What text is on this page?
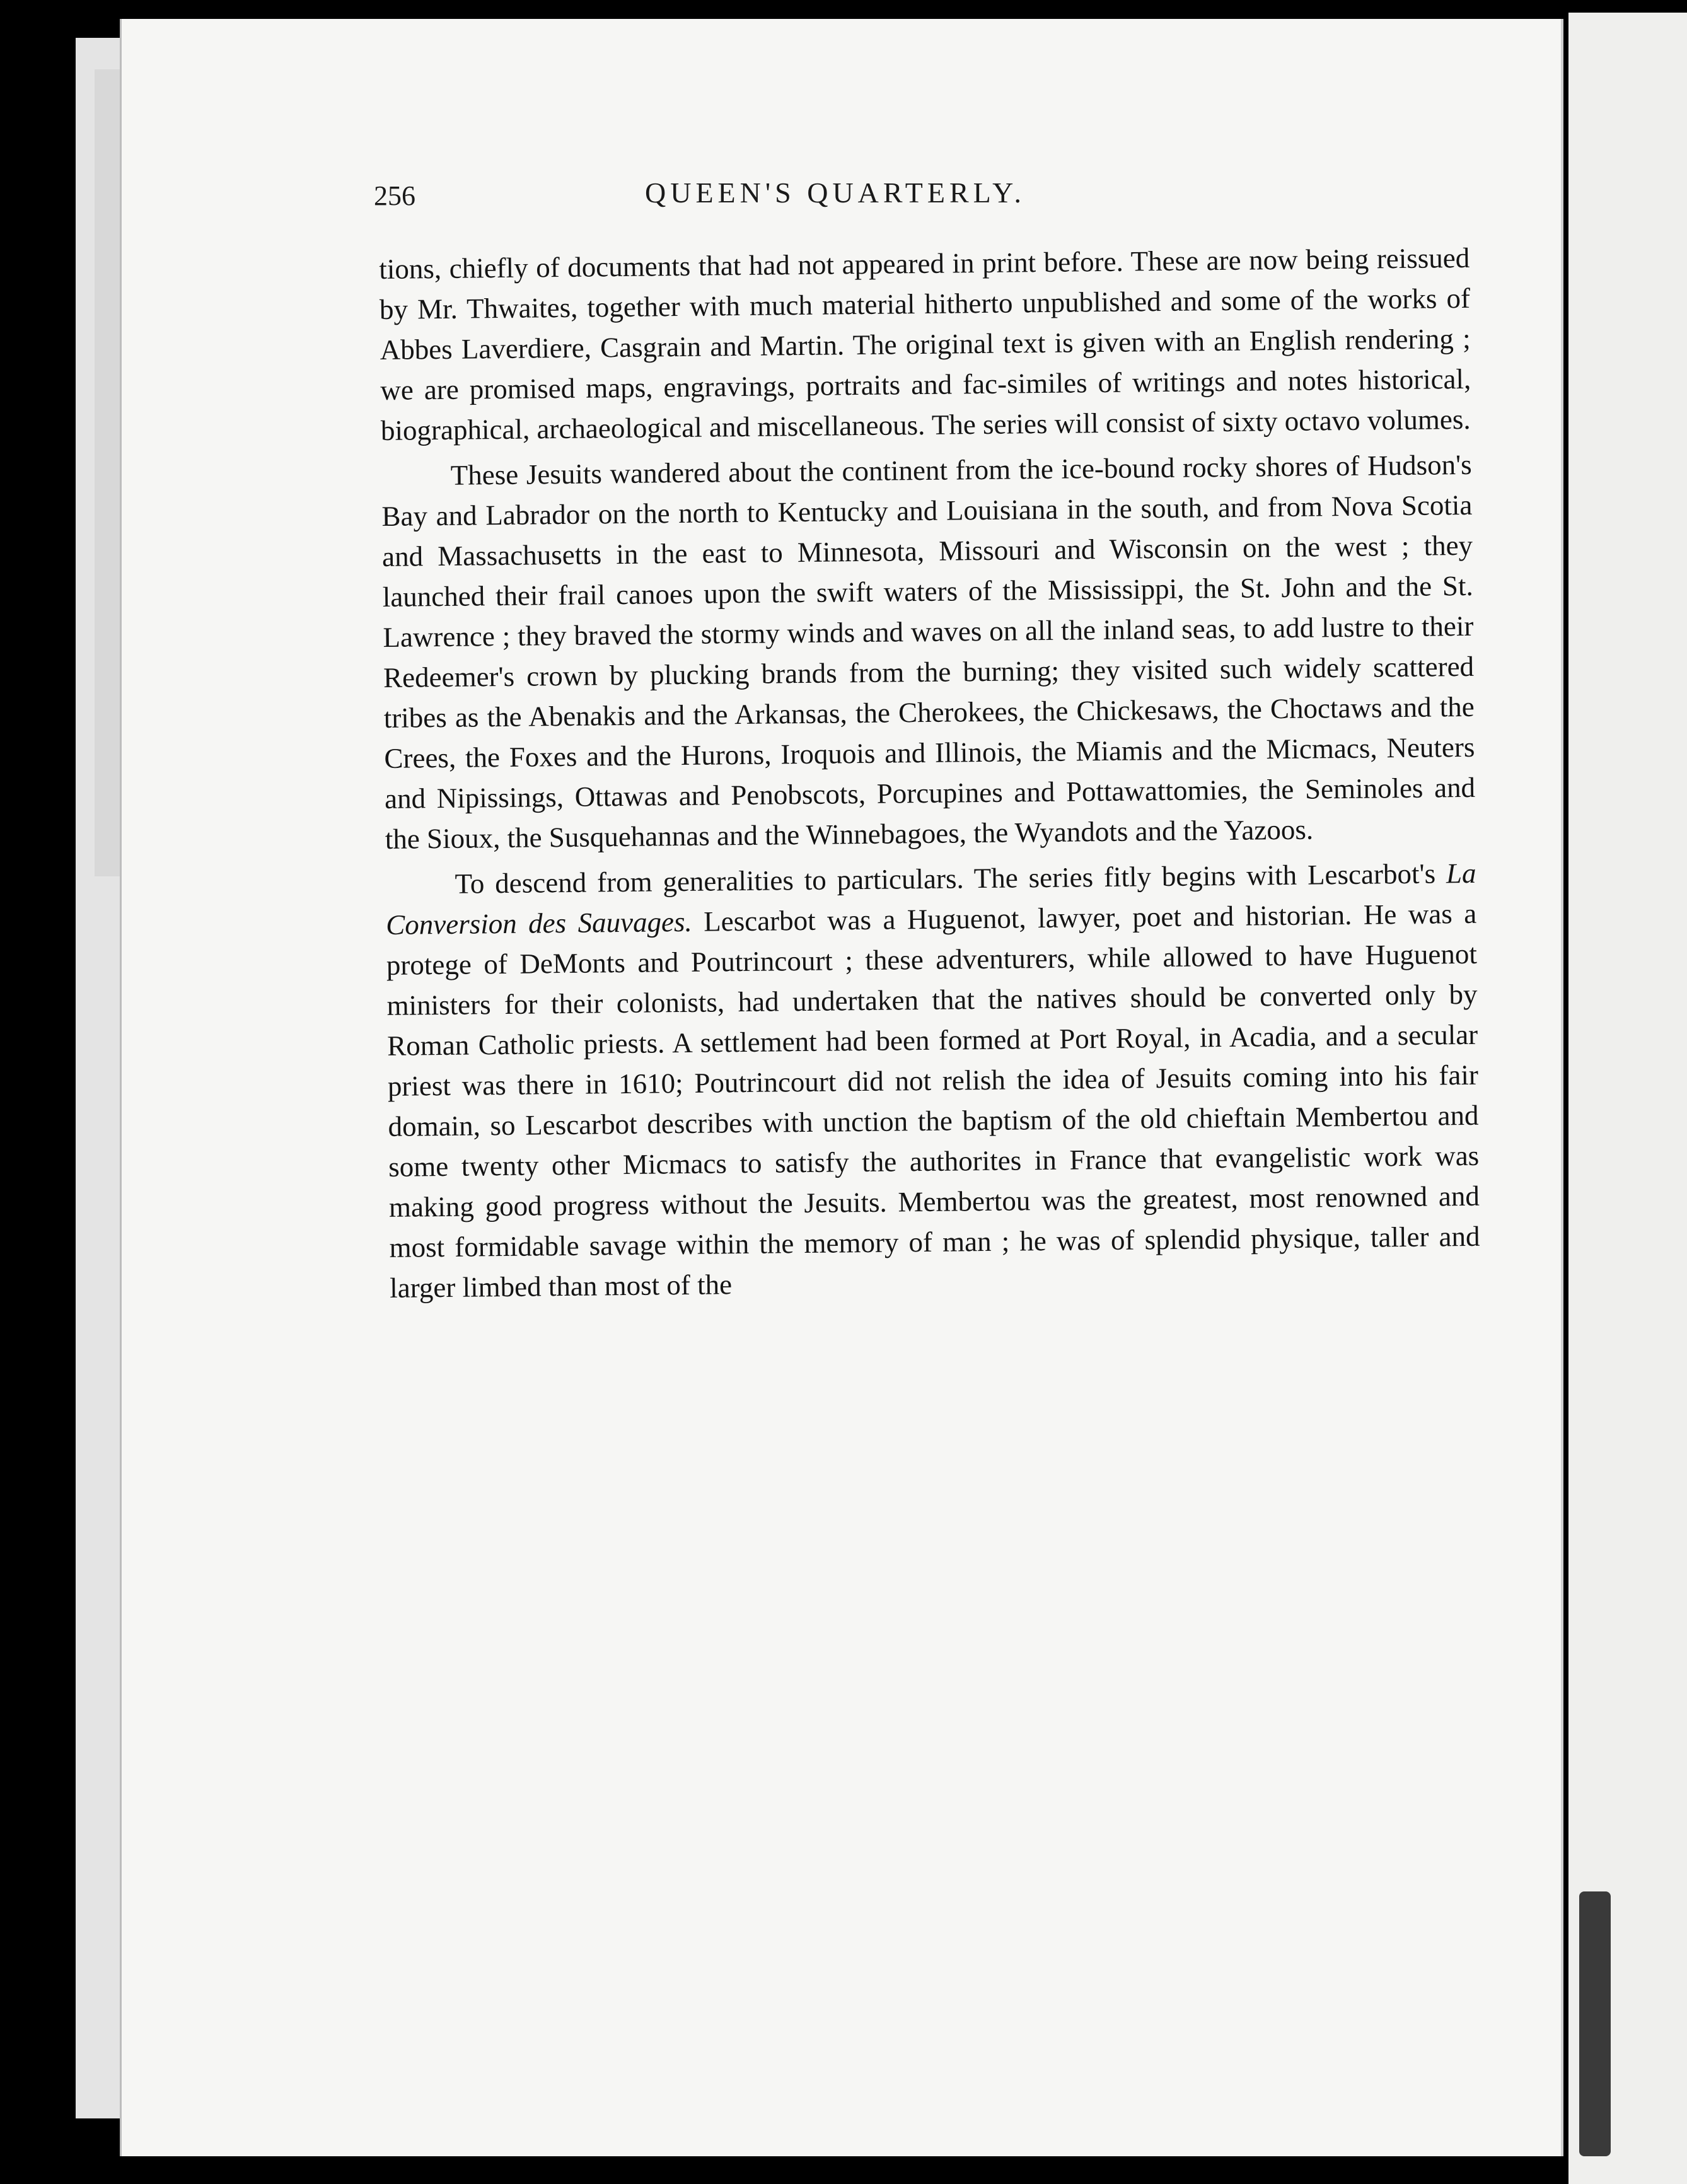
256	QUEEN'S QUARTERLY.

tions, chiefly of documents that had not appeared in print before. These are now being reissued by Mr. Thwaites, together with much material hitherto unpublished and some of the works of Abbes Laverdiere, Casgrain and Martin. The original text is given with an English rendering ; we are promised maps, engravings, portraits and fac-similes of writings and notes historical, biographical, archaeological and miscellaneous. The series will consist of sixty octavo volumes.

These Jesuits wandered about the continent from the ice-bound rocky shores of Hudson's Bay and Labrador on the north to Kentucky and Louisiana in the south, and from Nova Scotia and Massachusetts in the east to Minnesota, Missouri and Wisconsin on the west ; they launched their frail canoes upon the swift waters of the Mississippi, the St. John and the St. Lawrence ; they braved the stormy winds and waves on all the inland seas, to add lustre to their Redeemer's crown by plucking brands from the burning; they visited such widely scattered tribes as the Abenakis and the Arkansas, the Cherokees, the Chickesaws, the Choctaws and the Crees, the Foxes and the Hurons, Iroquois and Illinois, the Miamis and the Micmacs, Neuters and Nipissings, Ottawas and Penobscots, Porcupines and Pottawattomies, the Seminoles and the Sioux, the Susquehannas and the Winnebagoes, the Wyandots and the Yazoos.

To descend from generalities to particulars. The series fitly begins with Lescarbot's La Conversion des Sauvages. Lescarbot was a Huguenot, lawyer, poet and historian. He was a protege of DeMonts and Poutrincourt ; these adventurers, while allowed to have Huguenot ministers for their colonists, had undertaken that the natives should be converted only by Roman Catholic priests. A settlement had been formed at Port Royal, in Acadia, and a secular priest was there in 1610; Poutrincourt did not relish the idea of Jesuits coming into his fair domain, so Lescarbot describes with unction the baptism of the old chieftain Membertou and some twenty other Micmacs to satisfy the authorites in France that evangelistic work was making good progress without the Jesuits. Membertou was the greatest, most renowned and most formidable savage within the memory of man ; he was of splendid physique, taller and larger limbed than most of the
